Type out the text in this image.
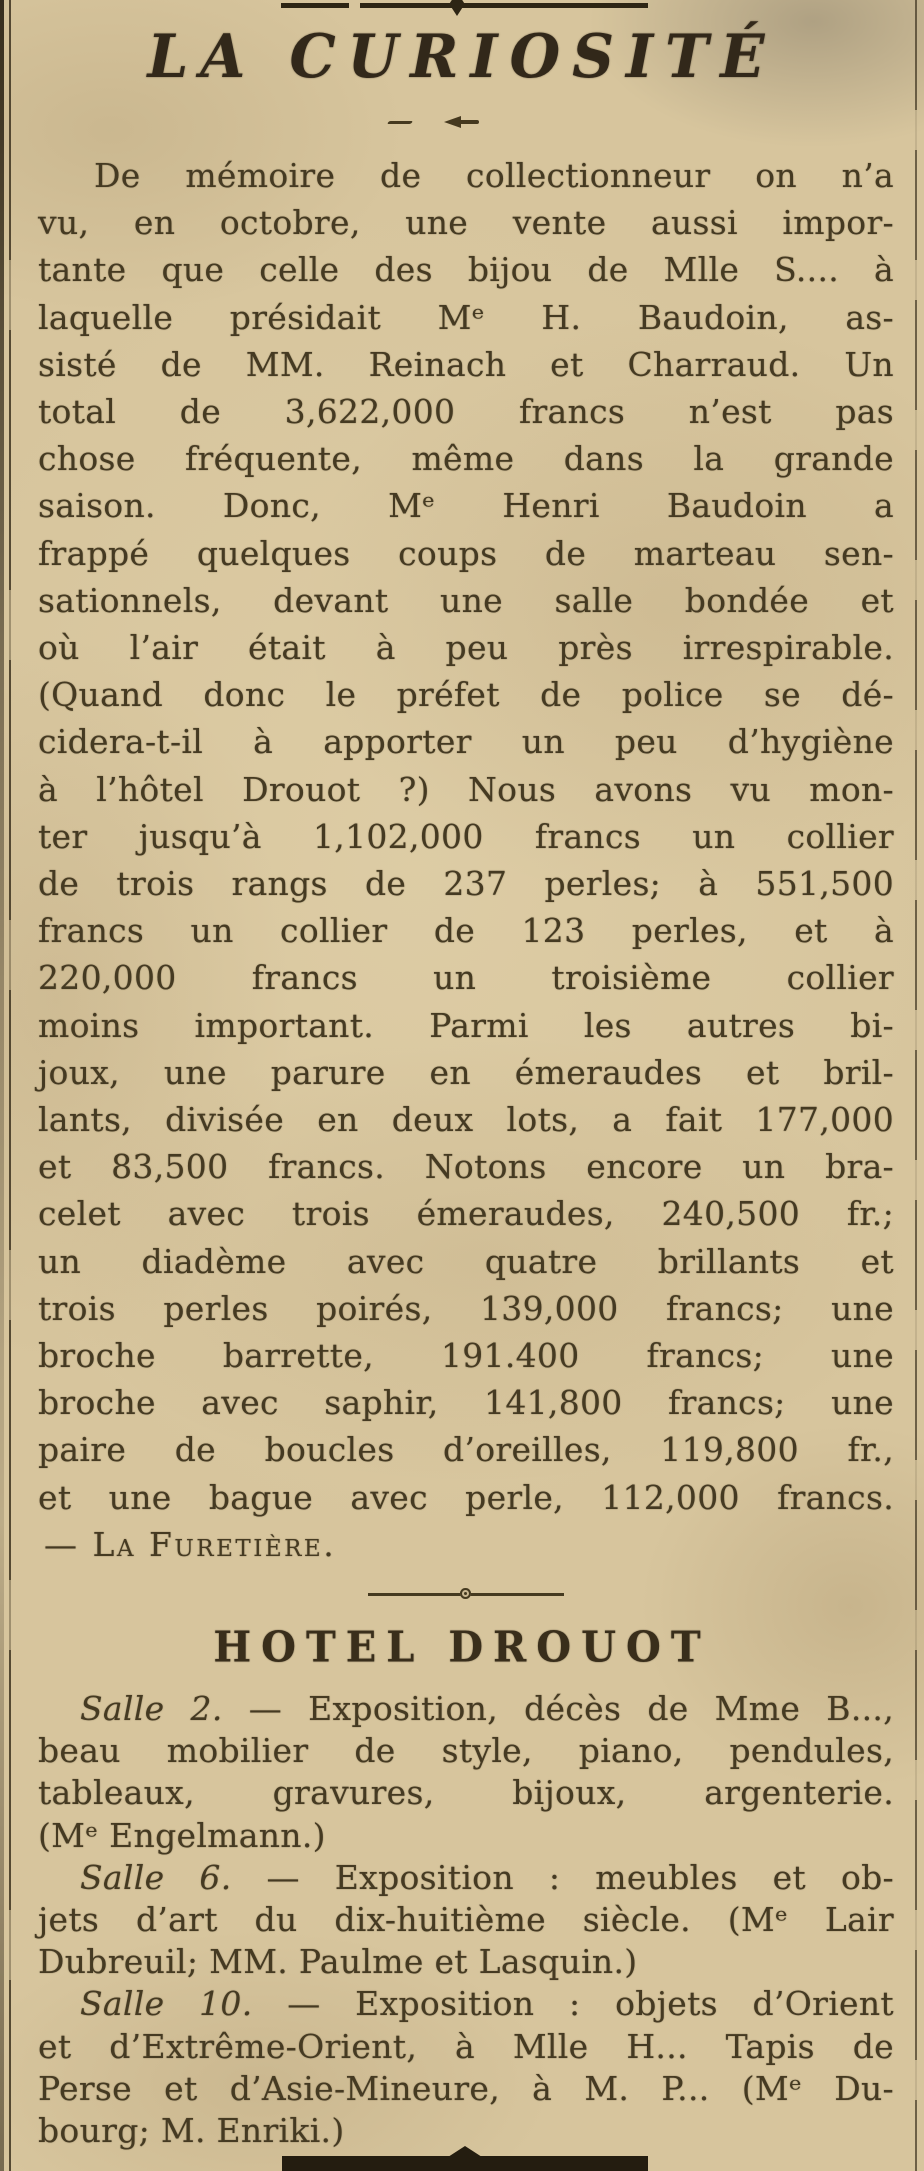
LA CURIOSITÉ
De mémoire de collectionneur on n’a
vu, en octobre, une vente aussi impor-
tante que celle des bijou de Mlle S.... à
laquelle présidait Mᵉ H. Baudoin, as-
sisté de MM. Reinach et Charraud. Un
total de 3,622,000 francs n’est pas
chose fréquente, même dans la grande
saison. Donc, Mᵉ Henri Baudoin a
frappé quelques coups de marteau sen-
sationnels, devant une salle bondée et
où l’air était à peu près irrespirable.
(Quand donc le préfet de police se dé-
cidera-t-il à apporter un peu d’hygiène
à l’hôtel Drouot ?) Nous avons vu mon-
ter jusqu’à 1,102,000 francs un collier
de trois rangs de 237 perles; à 551,500
francs un collier de 123 perles, et à
220,000 francs un troisième collier
moins important. Parmi les autres bi-
joux, une parure en émeraudes et bril-
lants, divisée en deux lots, a fait 177,000
et 83,500 francs. Notons encore un bra-
celet avec trois émeraudes, 240,500 fr.;
un diadème avec quatre brillants et
trois perles poirés, 139,000 francs; une
broche barrette, 191.400 francs; une
broche avec saphir, 141,800 francs; une
paire de boucles d’oreilles, 119,800 fr.,
et une bague avec perle, 112,000 francs.
— La Furetière.
HOTEL DROUOT
Salle 2. — Exposition, décès de Mme B...,
beau mobilier de style, piano, pendules,
tableaux, gravures, bijoux, argenterie.
(Mᵉ Engelmann.)
Salle 6. — Exposition : meubles et ob-
jets d’art du dix-huitième siècle. (Mᵉ Lair
Dubreuil; MM. Paulme et Lasquin.)
Salle 10. — Exposition : objets d’Orient
et d’Extrême-Orient, à Mlle H... Tapis de
Perse et d’Asie-Mineure, à M. P... (Mᵉ Du-
bourg; M. Enriki.)
